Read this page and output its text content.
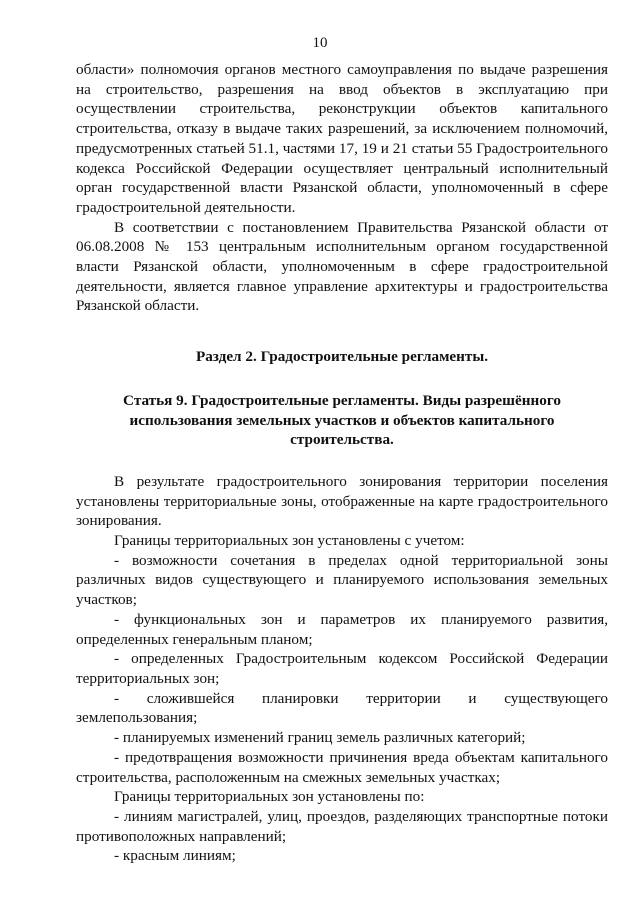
10

области» полномочия органов местного самоуправления по выдаче разрешения на строительство, разрешения на ввод объектов в эксплуатацию при осуществлении строительства, реконструкции объектов капитального строительства, отказу в выдаче таких разрешений, за исключением полномочий, предусмотренных статьей 51.1, частями 17, 19 и 21 статьи 55 Градостроительного кодекса Российской Федерации осуществляет центральный исполнительный орган государственной власти Рязанской области, уполномоченный в сфере градостроительной деятельности.

В соответствии с постановлением Правительства Рязанской области от 06.08.2008 № 153 центральным исполнительным органом государственной власти Рязанской области, уполномоченным в сфере градостроительной деятельности, является главное управление архитектуры и градостроительства Рязанской области.

Раздел 2. Градостроительные регламенты.
Статья 9. Градостроительные регламенты. Виды разрешённого использования земельных участков и объектов капитального строительства.

В результате градостроительного зонирования территории поселения установлены территориальные зоны, отображенные на карте градостроительного зонирования.

Границы территориальных зон установлены с учетом:

- возможности сочетания в пределах одной территориальной зоны различных видов существующего и планируемого использования земельных участков;

- функциональных зон и параметров их планируемого развития, определенных генеральным планом;

- определенных Градостроительным кодексом Российской Федерации территориальных зон;

- сложившейся планировки территории и существующего землепользования;

- планируемых изменений границ земель различных категорий;

- предотвращения возможности причинения вреда объектам капитального строительства, расположенным на смежных земельных участках;

Границы территориальных зон установлены по:

- линиям магистралей, улиц, проездов, разделяющих транспортные потоки противоположных направлений;

- красным линиям;
